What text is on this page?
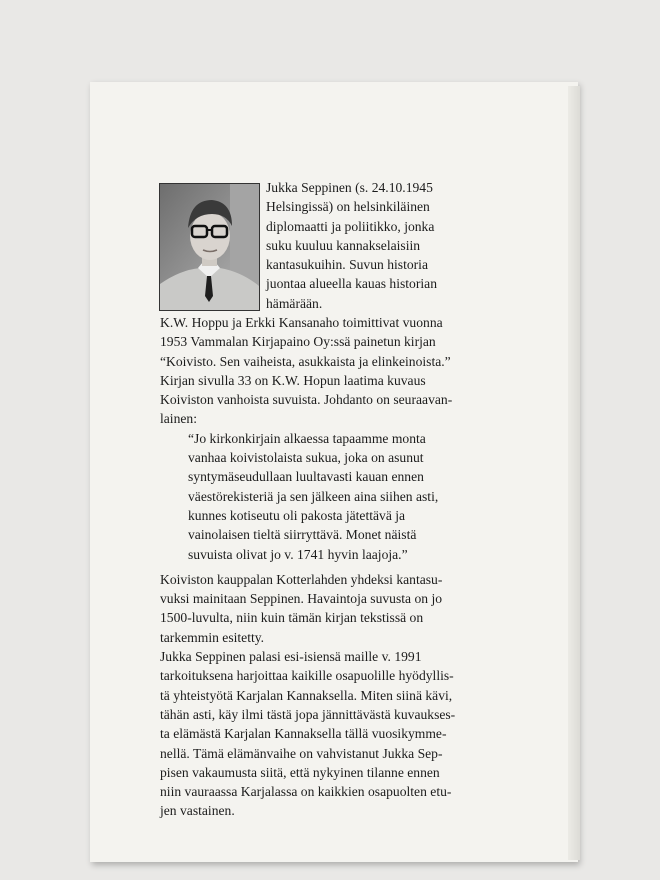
Jukka Seppinen (s. 24.10.1945
Helsingissä) on helsinkiläinen
diplomaatti ja poliitikko, jonka
suku kuuluu kannakselaisiin
kantasukuihin. Suvun historia
juontaa alueella kauas historian
hämärään.

K.W. Hoppu ja Erkki Kansanaho toimittivat vuonna
1953 Vammalan Kirjapaino Oy:ssä painetun kirjan
“Koivisto. Sen vaiheista, asukkaista ja elinkeinoista.”
Kirjan sivulla 33 on K.W. Hopun laatima kuvaus
Koiviston vanhoista suvuista. Johdanto on seuraavan-
lainen:

“Jo kirkonkirjain alkaessa tapaamme monta
vanhaa koivistolaista sukua, joka on asunut
syntymäseudullaan luultavasti kauan ennen
väestörekisteriä ja sen jälkeen aina siihen asti,
kunnes kotiseutu oli pakosta jätettävä ja
vainolaisen tieltä siirryttävä. Monet näistä
suvuista olivat jo v. 1741 hyvin laajoja.”

Koiviston kauppalan Kotterlahden yhdeksi kantasu-
vuksi mainitaan Seppinen. Havaintoja suvusta on jo
1500-luvulta, niin kuin tämän kirjan tekstissä on
tarkemmin esitetty.

Jukka Seppinen palasi esi-isiensä maille v. 1991
tarkoituksena harjoittaa kaikille osapuolille hyödyllis-
tä yhteistyötä Karjalan Kannaksella. Miten siinä kävi,
tähän asti, käy ilmi tästä jopa jännittävästä kuvaukses-
ta elämästä Karjalan Kannaksella tällä vuosikymme-
nellä. Tämä elämänvaihe on vahvistanut Jukka Sep-
pisen vakaumusta siitä, että nykyinen tilanne ennen
niin vauraassa Karjalassa on kaikkien osapuolten etu-
jen vastainen.
